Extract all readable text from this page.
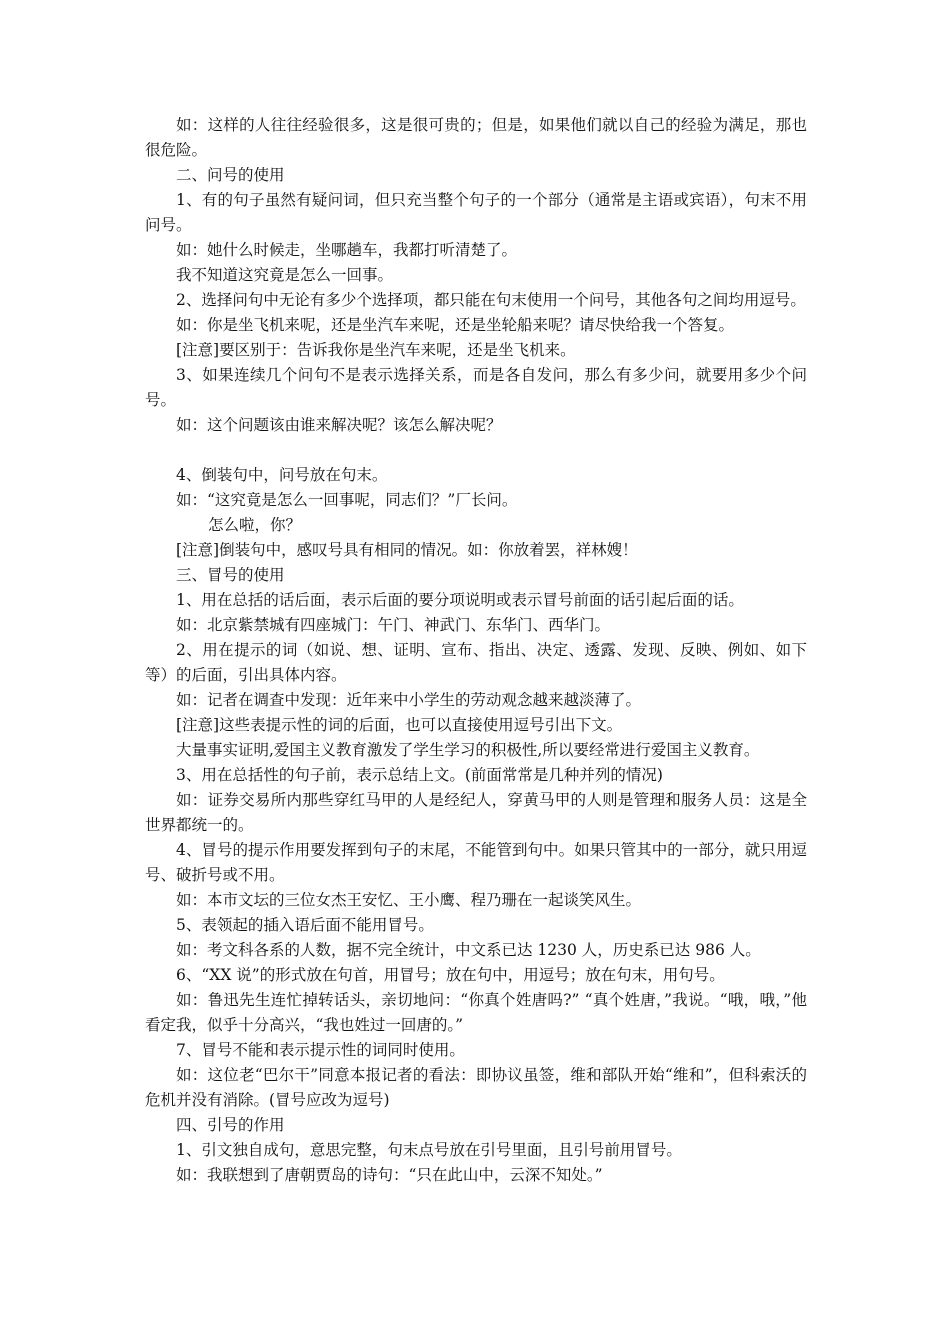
如：这样的人往往经验很多，这是很可贵的；但是，如果他们就以自己的经验为满足，那也很危险。

二、问号的使用

1、有的句子虽然有疑问词，但只充当整个句子的一个部分（通常是主语或宾语），句末不用问号。

如：她什么时候走，坐哪趟车，我都打听清楚了。

我不知道这究竟是怎么一回事。

2、选择问句中无论有多少个选择项，都只能在句末使用一个问号，其他各句之间均用逗号。

如：你是坐飞机来呢，还是坐汽车来呢，还是坐轮船来呢？请尽快给我一个答复。

[注意]要区别于：告诉我你是坐汽车来呢，还是坐飞机来。

3、如果连续几个问句不是表示选择关系，而是各自发问，那么有多少问，就要用多少个问号。

如：这个问题该由谁来解决呢？该怎么解决呢？

4、倒装句中，问号放在句末。

如：“这究竟是怎么一回事呢，同志们？”厂长问。

怎么啦，你？

[注意]倒装句中，感叹号具有相同的情况。如：你放着罢，祥林嫂！

三、冒号的使用

1、用在总括的话后面，表示后面的要分项说明或表示冒号前面的话引起后面的话。

如：北京紫禁城有四座城门：午门、神武门、东华门、西华门。

2、用在提示的词（如说、想、证明、宣布、指出、决定、透露、发现、反映、例如、如下等）的后面，引出具体内容。

如：记者在调查中发现：近年来中小学生的劳动观念越来越淡薄了。

[注意]这些表提示性的词的后面，也可以直接使用逗号引出下文。

大量事实证明,爱国主义教育激发了学生学习的积极性,所以要经常进行爱国主义教育。

3、用在总括性的句子前，表示总结上文。(前面常常是几种并列的情况)

如：证券交易所内那些穿红马甲的人是经纪人，穿黄马甲的人则是管理和服务人员：这是全世界都统一的。

4、冒号的提示作用要发挥到句子的末尾，不能管到句中。如果只管其中的一部分，就只用逗号、破折号或不用。

如：本市文坛的三位女杰王安忆、王小鹰、程乃珊在一起谈笑风生。

5、表领起的插入语后面不能用冒号。

如：考文科各系的人数，据不完全统计，中文系已达 1230 人，历史系已达 986 人。

6、“XX 说”的形式放在句首，用冒号；放在句中，用逗号；放在句末，用句号。

如：鲁迅先生连忙掉转话头，亲切地问：“你真个姓唐吗?” “真个姓唐，”我说。“哦，哦，”他看定我，似乎十分高兴，“我也姓过一回唐的。”

7、冒号不能和表示提示性的词同时使用。

如：这位老“巴尔干”同意本报记者的看法：即协议虽签，维和部队开始“维和”，但科索沃的危机并没有消除。(冒号应改为逗号)

四、引号的作用

1、引文独自成句，意思完整，句末点号放在引号里面，且引号前用冒号。

如：我联想到了唐朝贾岛的诗句：“只在此山中，云深不知处。”
